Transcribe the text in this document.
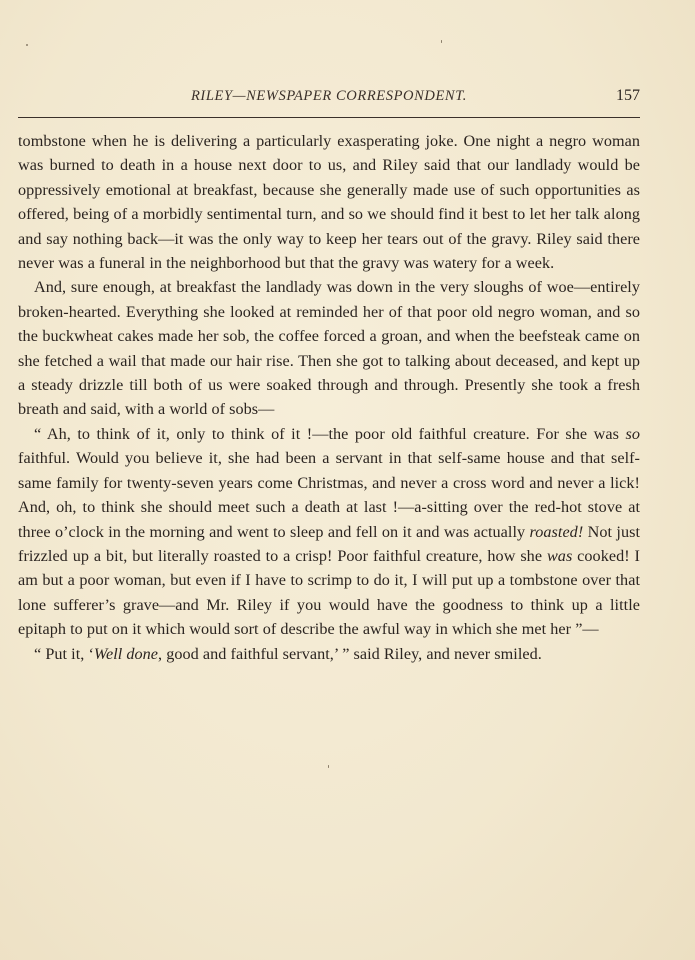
RILEY—NEWSPAPER CORRESPONDENT.	157

tombstone when he is delivering a particularly exasperating joke. One night a negro woman was burned to death in a house next door to us, and Riley said that our landlady would be oppressively emotional at breakfast, because she generally made use of such opportunities as offered, being of a morbidly sentimental turn, and so we should find it best to let her talk along and say nothing back—it was the only way to keep her tears out of the gravy. Riley said there never was a funeral in the neighborhood but that the gravy was watery for a week.

And, sure enough, at breakfast the landlady was down in the very sloughs of woe—entirely broken-hearted. Everything she looked at reminded her of that poor old negro woman, and so the buckwheat cakes made her sob, the coffee forced a groan, and when the beefsteak came on she fetched a wail that made our hair rise. Then she got to talking about deceased, and kept up a steady drizzle till both of us were soaked through and through. Presently she took a fresh breath and said, with a world of sobs—

“ Ah, to think of it, only to think of it !—the poor old faithful creature. For she was so faithful. Would you believe it, she had been a servant in that self-same house and that self-same family for twenty-seven years come Christmas, and never a cross word and never a lick! And, oh, to think she should meet such a death at last !—a-sitting over the red-hot stove at three o’clock in the morning and went to sleep and fell on it and was actually roasted! Not just frizzled up a bit, but literally roasted to a crisp! Poor faithful creature, how she was cooked! I am but a poor woman, but even if I have to scrimp to do it, I will put up a tombstone over that lone sufferer’s grave—and Mr. Riley if you would have the goodness to think up a little epitaph to put on it which would sort of describe the awful way in which she met her ”—

“ Put it, ‘Well done, good and faithful servant,’ ” said Riley, and never smiled.
